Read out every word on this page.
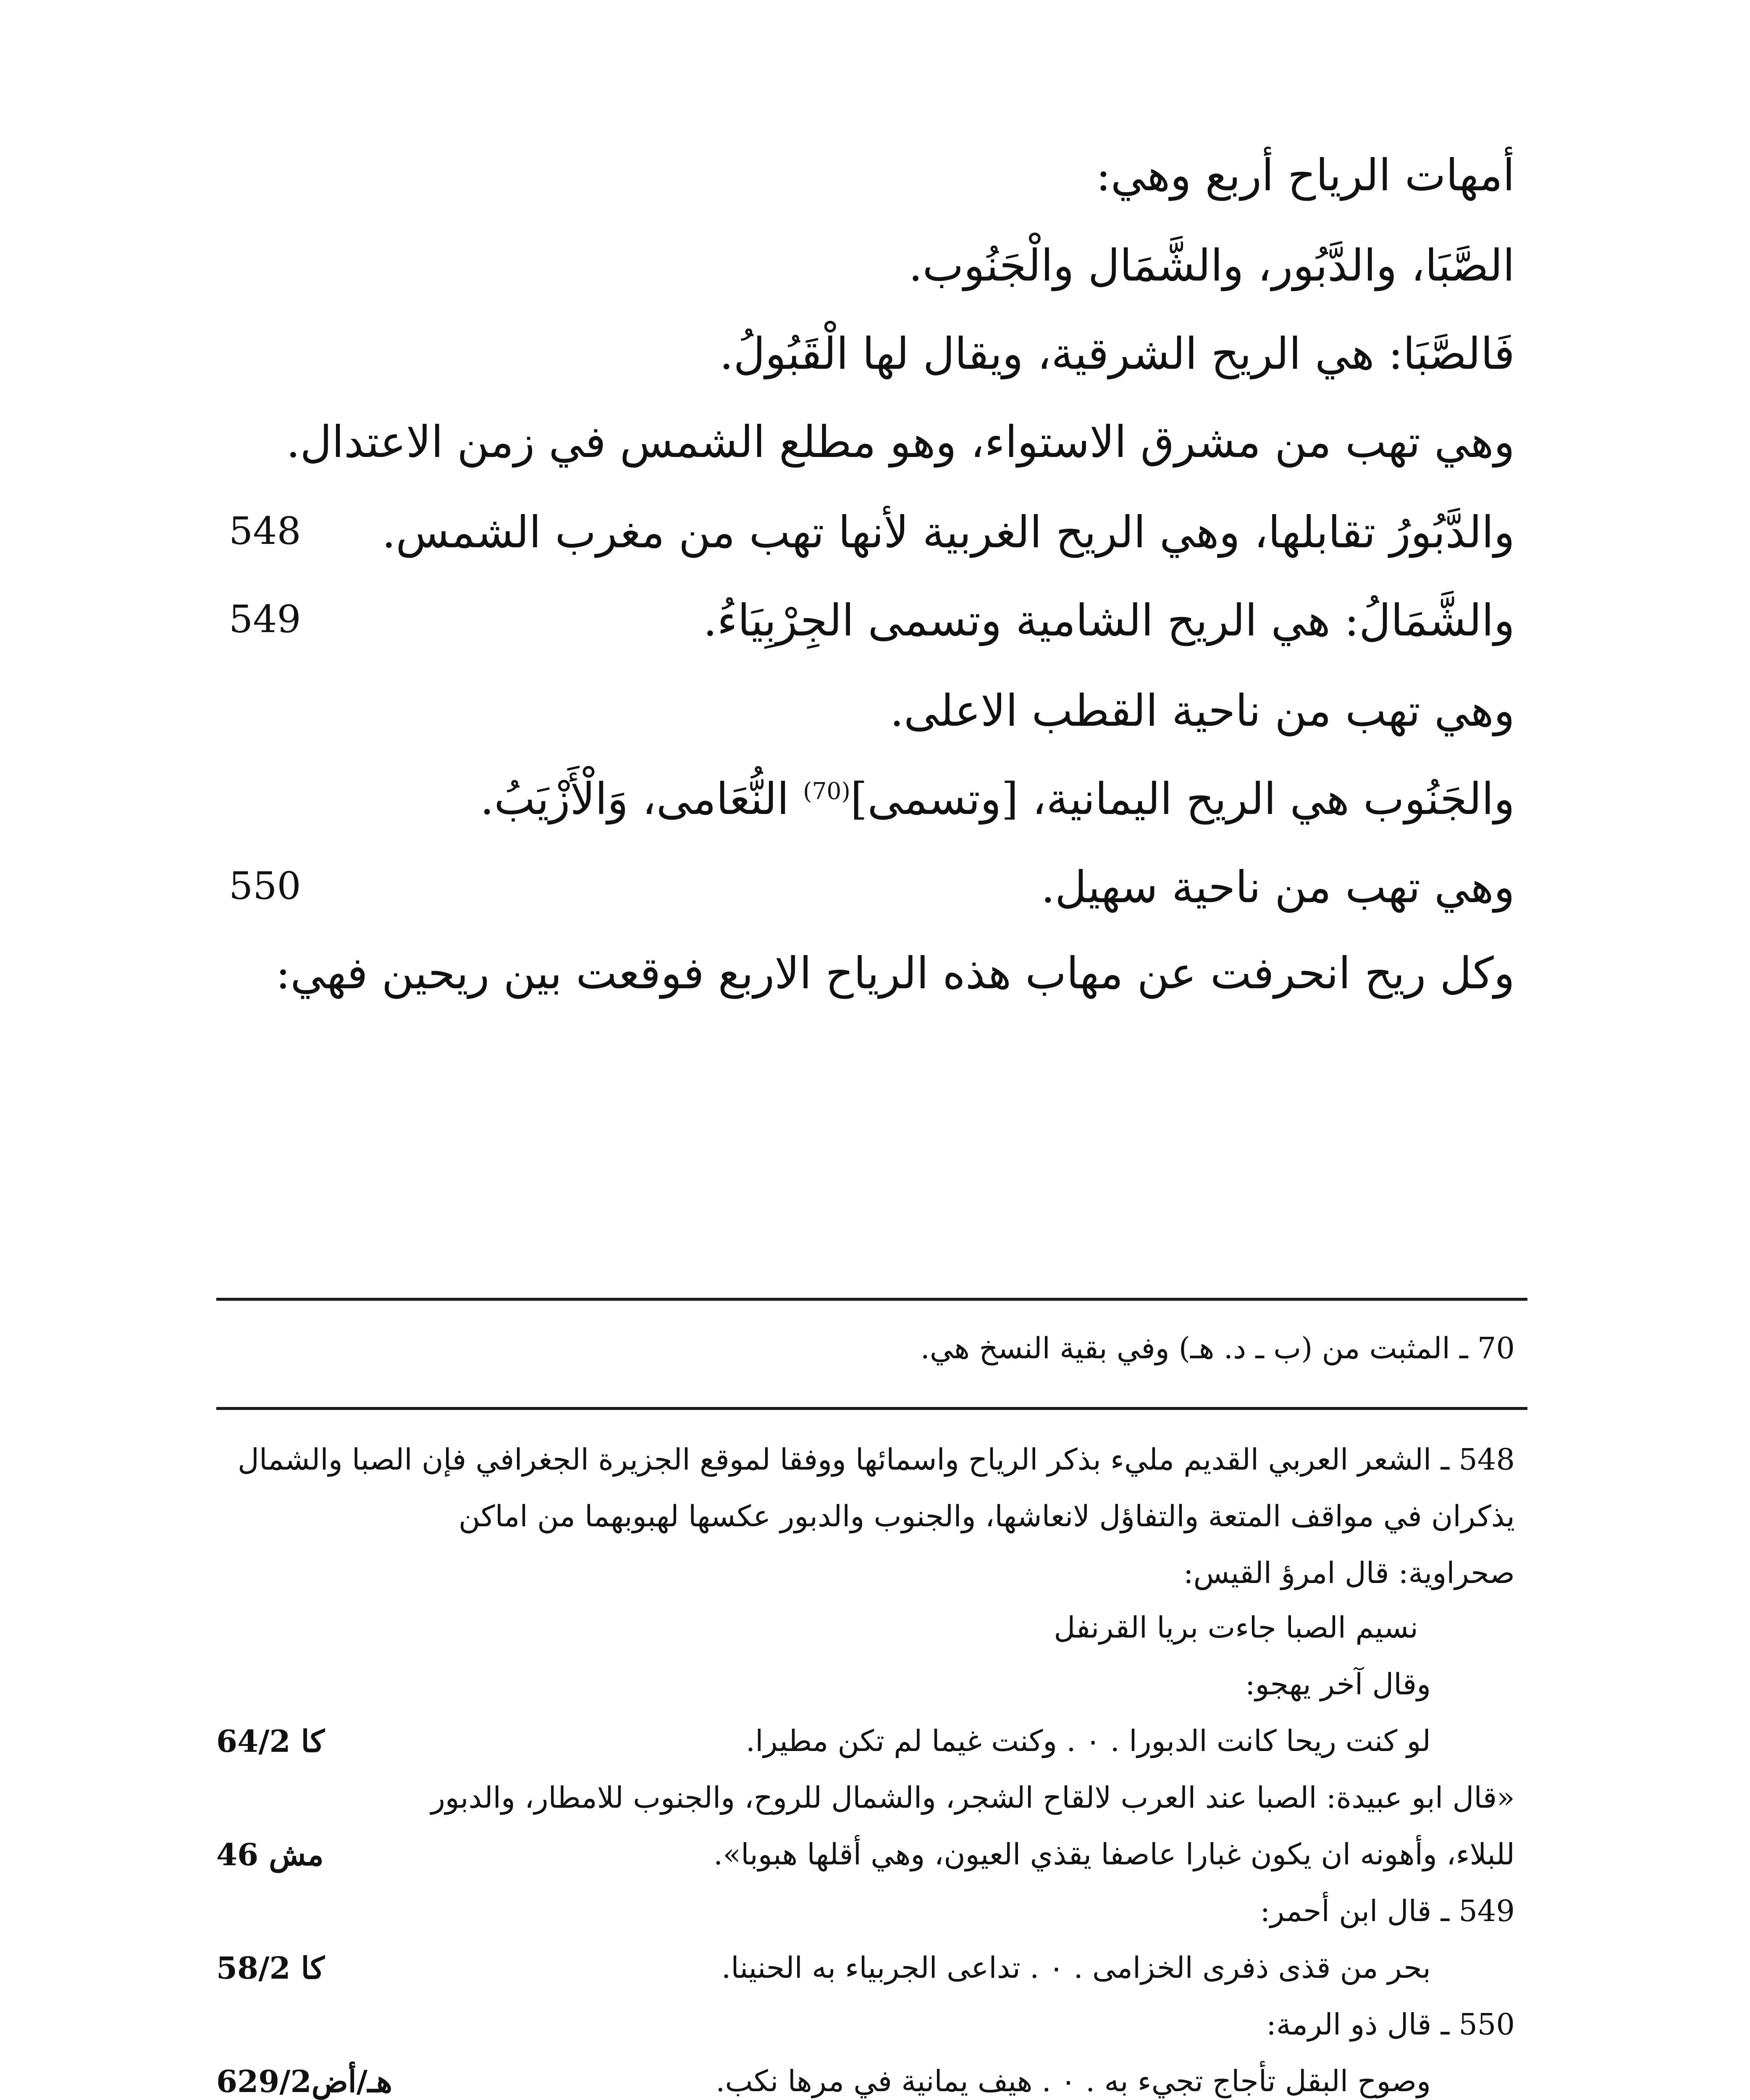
أمهات الرياح أربع وهي:
الصَّبَا، والدَّبُور، والشَّمَال والْجَنُوب.
فَالصَّبَا: هي الريح الشرقية، ويقال لها الْقَبُولُ.
وهي تهب من مشرق الاستواء، وهو مطلع الشمس في زمن الاعتدال.
والدَّبُورُ تقابلها، وهي الريح الغربية لأنها تهب من مغرب الشمس.
548
والشَّمَالُ: هي الريح الشامية وتسمى الجِرْبِيَاءُ.
549
وهي تهب من ناحية القطب الاعلى.
والجَنُوب هي الريح اليمانية، [وتسمى]$^{(70)}$ النُّعَامى، وَالْأَزْيَبُ.
وهي تهب من ناحية سهيل.
550
وكل ريح انحرفت عن مهاب هذه الرياح الاربع فوقعت بين ريحين فهي:
70 ـ المثبت من (ب ـ د. هـ) وفي بقية النسخ هي.
548 ـ الشعر العربي القديم مليء بذكر الرياح واسمائها ووفقا لموقع الجزيرة الجغرافي فإن الصبا والشمال
يذكران في مواقف المتعة والتفاؤل لانعاشها، والجنوب والدبور عكسها لهبوبهما من اماكن
صحراوية: قال امرؤ القيس:
نسيم الصبا جاءت بريا القرنفل
وقال آخر يهجو:
لو كنت ريحا كانت الدبورا . ٠ . وكنت غيما لم تكن مطيرا.
كا 64/2
«قال ابو عبيدة: الصبا عند العرب لالقاح الشجر، والشمال للروح، والجنوب للامطار، والدبور
للبلاء، وأهونه ان يكون غبارا عاصفا يقذي العيون، وهي أقلها هبوبا».
مش 46
549 ـ قال ابن أحمر:
بحر من قذى ذفرى الخزامى . ٠ . تداعى الجربياء به الحنينا.
كا 58/2
550 ـ قال ذو الرمة:
وصوح البقل تأجاج تجيء به . ٠ . هيف يمانية في مرها نكب.
هـ/أض629/2
